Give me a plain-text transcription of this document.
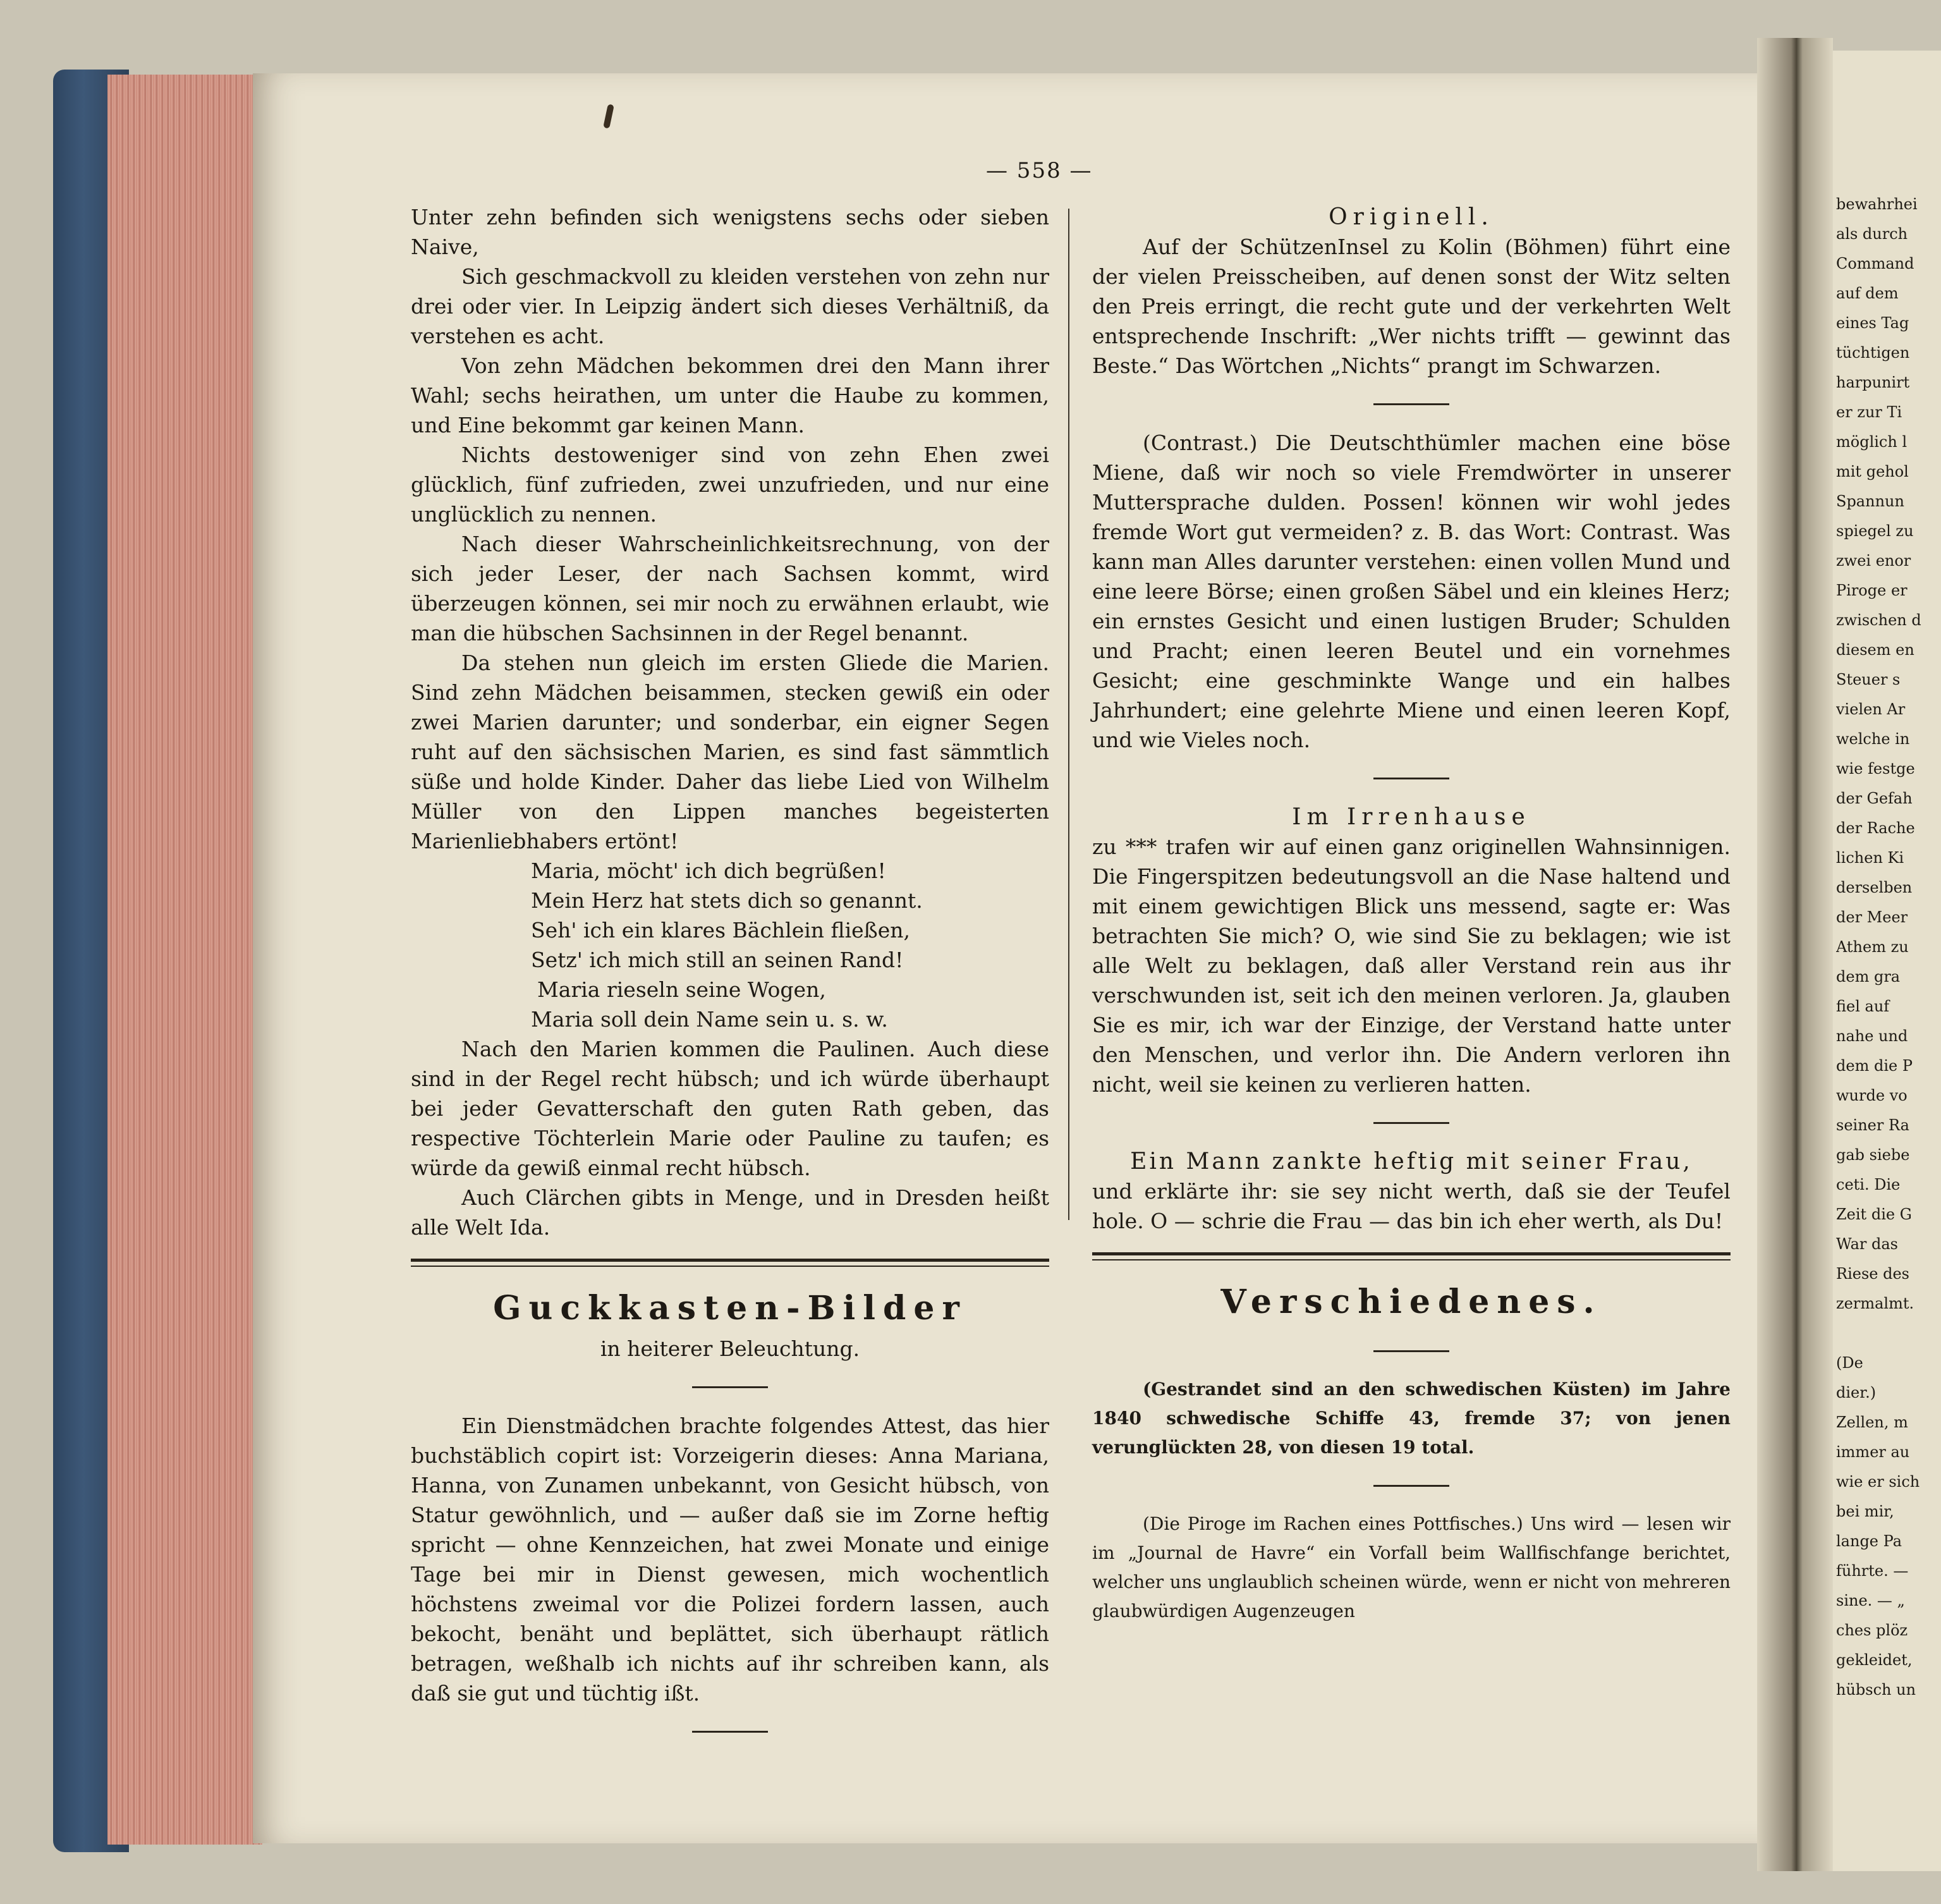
— 558 —

Unter zehn befinden sich wenigstens sechs oder sieben Naive,

Sich geschmackvoll zu kleiden verstehen von zehn nur drei oder vier. In Leipzig ändert sich dieses Verhältniß, da verstehen es acht.

Von zehn Mädchen bekommen drei den Mann ihrer Wahl; sechs heirathen, um unter die Haube zu kommen, und Eine bekommt gar keinen Mann.

Nichts destoweniger sind von zehn Ehen zwei glücklich, fünf zufrieden, zwei unzufrieden, und nur eine unglücklich zu nennen.

Nach dieser Wahrscheinlichkeitsrechnung, von der sich jeder Leser, der nach Sachsen kommt, wird überzeugen können, sei mir noch zu erwähnen erlaubt, wie man die hübschen Sachsinnen in der Regel benannt.

Da stehen nun gleich im ersten Gliede die Marien. Sind zehn Mädchen beisammen, stecken gewiß ein oder zwei Marien darunter; und sonderbar, ein eigner Segen ruht auf den sächsischen Marien, es sind fast sämmtlich süße und holde Kinder. Daher das liebe Lied von Wilhelm Müller von den Lippen manches begeisterten Marienliebhabers ertönt!

Maria, möcht' ich dich begrüßen!

Mein Herz hat stets dich so genannt.

Seh' ich ein klares Bächlein fließen,

Setz' ich mich still an seinen Rand!

Maria rieseln seine Wogen,

Maria soll dein Name sein u. s. w.

Nach den Marien kommen die Paulinen. Auch diese sind in der Regel recht hübsch; und ich würde überhaupt bei jeder Gevatterschaft den guten Rath geben, das respective Töchterlein Marie oder Pauline zu taufen; es würde da gewiß einmal recht hübsch.

Auch Clärchen gibts in Menge, und in Dresden heißt alle Welt Ida.

Guckkasten-Bilder
in heiterer Beleuchtung.

Ein Dienstmädchen brachte folgendes Attest, das hier buchstäblich copirt ist: Vorzeigerin dieses: Anna Mariana, Hanna, von Zunamen unbekannt, von Gesicht hübsch, von Statur gewöhnlich, und — außer daß sie im Zorne heftig spricht — ohne Kennzeichen, hat zwei Monate und einige Tage bei mir in Dienst gewesen, mich wochentlich höchstens zweimal vor die Polizei fordern lassen, auch bekocht, benäht und beplättet, sich überhaupt rätlich betragen, weßhalb ich nichts auf ihr schreiben kann, als daß sie gut und tüchtig ißt.

Originell.

Auf der SchützenInsel zu Kolin (Böhmen) führt eine der vielen Preisscheiben, auf denen sonst der Witz selten den Preis erringt, die recht gute und der verkehrten Welt entsprechende Inschrift: „Wer nichts trifft — gewinnt das Beste.“ Das Wörtchen „Nichts“ prangt im Schwarzen.

(Contrast.) Die Deutschthümler machen eine böse Miene, daß wir noch so viele Fremdwörter in unserer Muttersprache dulden. Possen! können wir wohl jedes fremde Wort gut vermeiden? z. B. das Wort: Contrast. Was kann man Alles darunter verstehen: einen vollen Mund und eine leere Börse; einen großen Säbel und ein kleines Herz; ein ernstes Gesicht und einen lustigen Bruder; Schulden und Pracht; einen leeren Beutel und ein vornehmes Gesicht; eine geschminkte Wange und ein halbes Jahrhundert; eine gelehrte Miene und einen leeren Kopf, und wie Vieles noch.

Im Irrenhause

zu *** trafen wir auf einen ganz originellen Wahnsinnigen. Die Fingerspitzen bedeutungsvoll an die Nase haltend und mit einem gewichtigen Blick uns messend, sagte er: Was betrachten Sie mich? O, wie sind Sie zu beklagen; wie ist alle Welt zu beklagen, daß aller Verstand rein aus ihr verschwunden ist, seit ich den meinen verloren. Ja, glauben Sie es mir, ich war der Einzige, der Verstand hatte unter den Menschen, und verlor ihn. Die Andern verloren ihn nicht, weil sie keinen zu verlieren hatten.

Ein Mann zankte heftig mit seiner Frau,

und erklärte ihr: sie sey nicht werth, daß sie der Teufel hole. O — schrie die Frau — das bin ich eher werth, als Du!

Verschiedenes.

(Gestrandet sind an den schwedischen Küsten) im Jahre 1840 schwedische Schiffe 43, fremde 37; von jenen verunglückten 28, von diesen 19 total.

(Die Piroge im Rachen eines Pottfisches.) Uns wird — lesen wir im „Journal de Havre“ ein Vorfall beim Wallfischfange berichtet, welcher uns unglaublich scheinen würde, wenn er nicht von mehreren glaubwürdigen Augenzeugen

bewahrhei
als durch
Command
auf dem
eines Tag
tüchtigen
harpunirt
er zur Ti
möglich l
mit gehol
Spannun
spiegel zu
zwei enor
Piroge er
zwischen d
diesem en
Steuer s
vielen Ar
welche in
wie festge
der Gefah
der Rache
lichen Ki
derselben
der Meer
Athem zu
dem gra
fiel auf
nahe und
dem die P
wurde vo
seiner Ra
gab siebe
ceti. Die
Zeit die G
War das
Riese des
zermalmt.
(De
dier.)
Zellen, m
immer au
wie er sich
bei mir,
lange Pa
führte. —
sine. — „
ches plöz
gekleidet,
hübsch un
